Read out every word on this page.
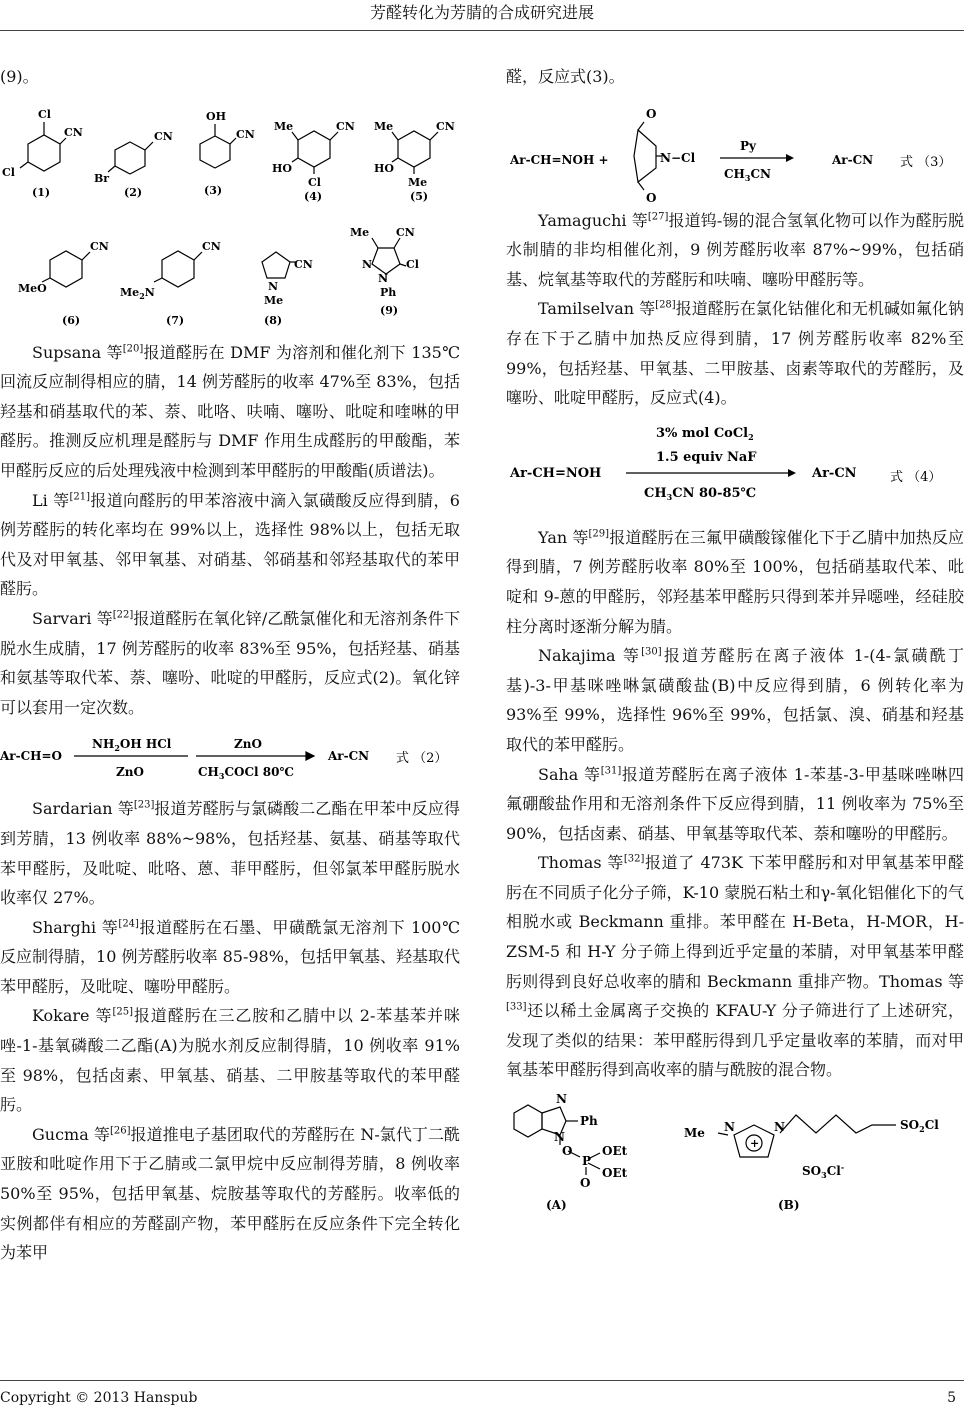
芳醛转化为芳腈的合成研究进展

(9)。

Cl
CN
Cl
(1)
CN
Br
(2)
OH
CN
(3)
Me	CN
HO
Cl
(4)
Me	CN
HO
Me
(5)
CN
MeO
(6)
CN
$Me_2N$
(7)
CN
N
Me
(8)
Me CN
N
N
Cl
Ph
(9)

Supsana 等[20]报道醛肟在 DMF 为溶剂和催化剂下 135℃回流反应制得相应的腈，14 例芳醛肟的收率 47%至 83%，包括羟基和硝基取代的苯、萘、吡咯、呋喃、噻吩、吡啶和喹啉的甲醛肟。推测反应机理是醛肟与 DMF 作用生成醛肟的甲酸酯，苯甲醛肟反应的后处理残液中检测到苯甲醛肟的甲酸酯(质谱法)。

Li 等[21]报道向醛肟的甲苯溶液中滴入氯磺酸反应得到腈，6 例芳醛肟的转化率均在 99%以上，选择性 98%以上，包括无取代及对甲氧基、邻甲氧基、对硝基、邻硝基和邻羟基取代的苯甲醛肟。

Sarvari 等[22]报道醛肟在氧化锌/乙酰氯催化和无溶剂条件下脱水生成腈，17 例芳醛肟的收率 83%至 95%，包括羟基、硝基和氨基等取代苯、萘、噻吩、吡啶的甲醛肟，反应式(2)。氧化锌可以套用一定次数。

Ar-CH=O
$NH_2OH$ HCl
ZnO
ZnO
$CH_3COCl$ 80℃
Ar-CN 式 （2）

Sardarian 等[23]报道芳醛肟与氯磷酸二乙酯在甲苯中反应得到芳腈，13 例收率 88%~98%，包括羟基、氨基、硝基等取代苯甲醛肟，及吡啶、吡咯、蒽、菲甲醛肟，但邻氯苯甲醛肟脱水收率仅 27%。

Sharghi 等[24]报道醛肟在石墨、甲磺酰氯无溶剂下 100℃反应制得腈，10 例芳醛肟收率 85-98%，包括甲氧基、羟基取代苯甲醛肟，及吡啶、噻吩甲醛肟。

Kokare 等[25]报道醛肟在三乙胺和乙腈中以 2-苯基苯并咪唑-1-基氧磷酸二乙酯(A)为脱水剂反应制得腈，10 例收率 91%至 98%，包括卤素、甲氧基、硝基、二甲胺基等取代的苯甲醛肟。

Gucma 等[26]报道推电子基团取代的芳醛肟在 N-氯代丁二酰亚胺和吡啶作用下于乙腈或二氯甲烷中反应制得芳腈，8 例收率 50%至 95%，包括甲氧基、烷胺基等取代的芳醛肟。收率低的实例都伴有相应的芳醛副产物，苯甲醛肟在反应条件下完全转化为苯甲

醛，反应式(3)。

Ar-CH=NOH +
O
O
N−Cl
Py
$CH_3CN$
Ar-CN 式 （3）

Yamaguchi 等[27]报道钨-锡的混合氢氧化物可以作为醛肟脱水制腈的非均相催化剂，9 例芳醛肟收率 87%~99%，包括硝基、烷氧基等取代的芳醛肟和呋喃、噻吩甲醛肟等。

Tamilselvan 等[28]报道醛肟在氯化钴催化和无机碱如氟化钠存在下于乙腈中加热反应得到腈，17 例芳醛肟收率 82%至 99%，包括羟基、甲氧基、二甲胺基、卤素等取代的芳醛肟，及噻吩、吡啶甲醛肟，反应式(4)。

3% mol CoCl$_2$
1.5 equiv NaF
Ar-CH=NOH
$CH_3CN$ 80-85℃
Ar-CN	式 （4）

Yan 等[29]报道醛肟在三氟甲磺酸镓催化下于乙腈中加热反应得到腈，7 例芳醛肟收率 80%至 100%，包括硝基取代苯、吡啶和 9-蒽的甲醛肟，邻羟基苯甲醛肟只得到苯并异噁唑，经硅胶柱分离时逐渐分解为腈。

Nakajima 等[30]报道芳醛肟在离子液体 1-(4-氯磺酰丁基)-3-甲基咪唑啉氯磺酸盐(B)中反应得到腈，6 例转化率为 93%至 99%，选择性 96%至 99%，包括氯、溴、硝基和羟基取代的苯甲醛肟。

Saha 等[31]报道芳醛肟在离子液体 1-苯基-3-甲基咪唑啉四氟硼酸盐作用和无溶剂条件下反应得到腈，11 例收率为 75%至 90%，包括卤素、硝基、甲氧基等取代苯、萘和噻吩的甲醛肟。

Thomas 等[32]报道了 473K 下苯甲醛肟和对甲氧基苯甲醛肟在不同质子化分子筛，K-10 蒙脱石粘土和γ-氧化铝催化下的气相脱水或 Beckmann 重排。苯甲醛在 H-Beta，H-MOR，H-ZSM-5 和 H-Y 分子筛上得到近乎定量的苯腈，对甲氧基苯甲醛肟则得到良好总收率的腈和 Beckmann 重排产物。Thomas 等[33]还以稀土金属离子交换的 KFAU-Y 分子筛进行了上述研究，发现了类似的结果：苯甲醛肟得到几乎定量收率的苯腈，而对甲氧基苯甲醛肟得到高收率的腈与酰胺的混合物。

N
Ph
N
O
P
OEt
OEt
O
(A)
Me N
+
N	$SO_2Cl$
$SO_3Cl^-$
(B)
Copyright © 2013 Hanspub	5
